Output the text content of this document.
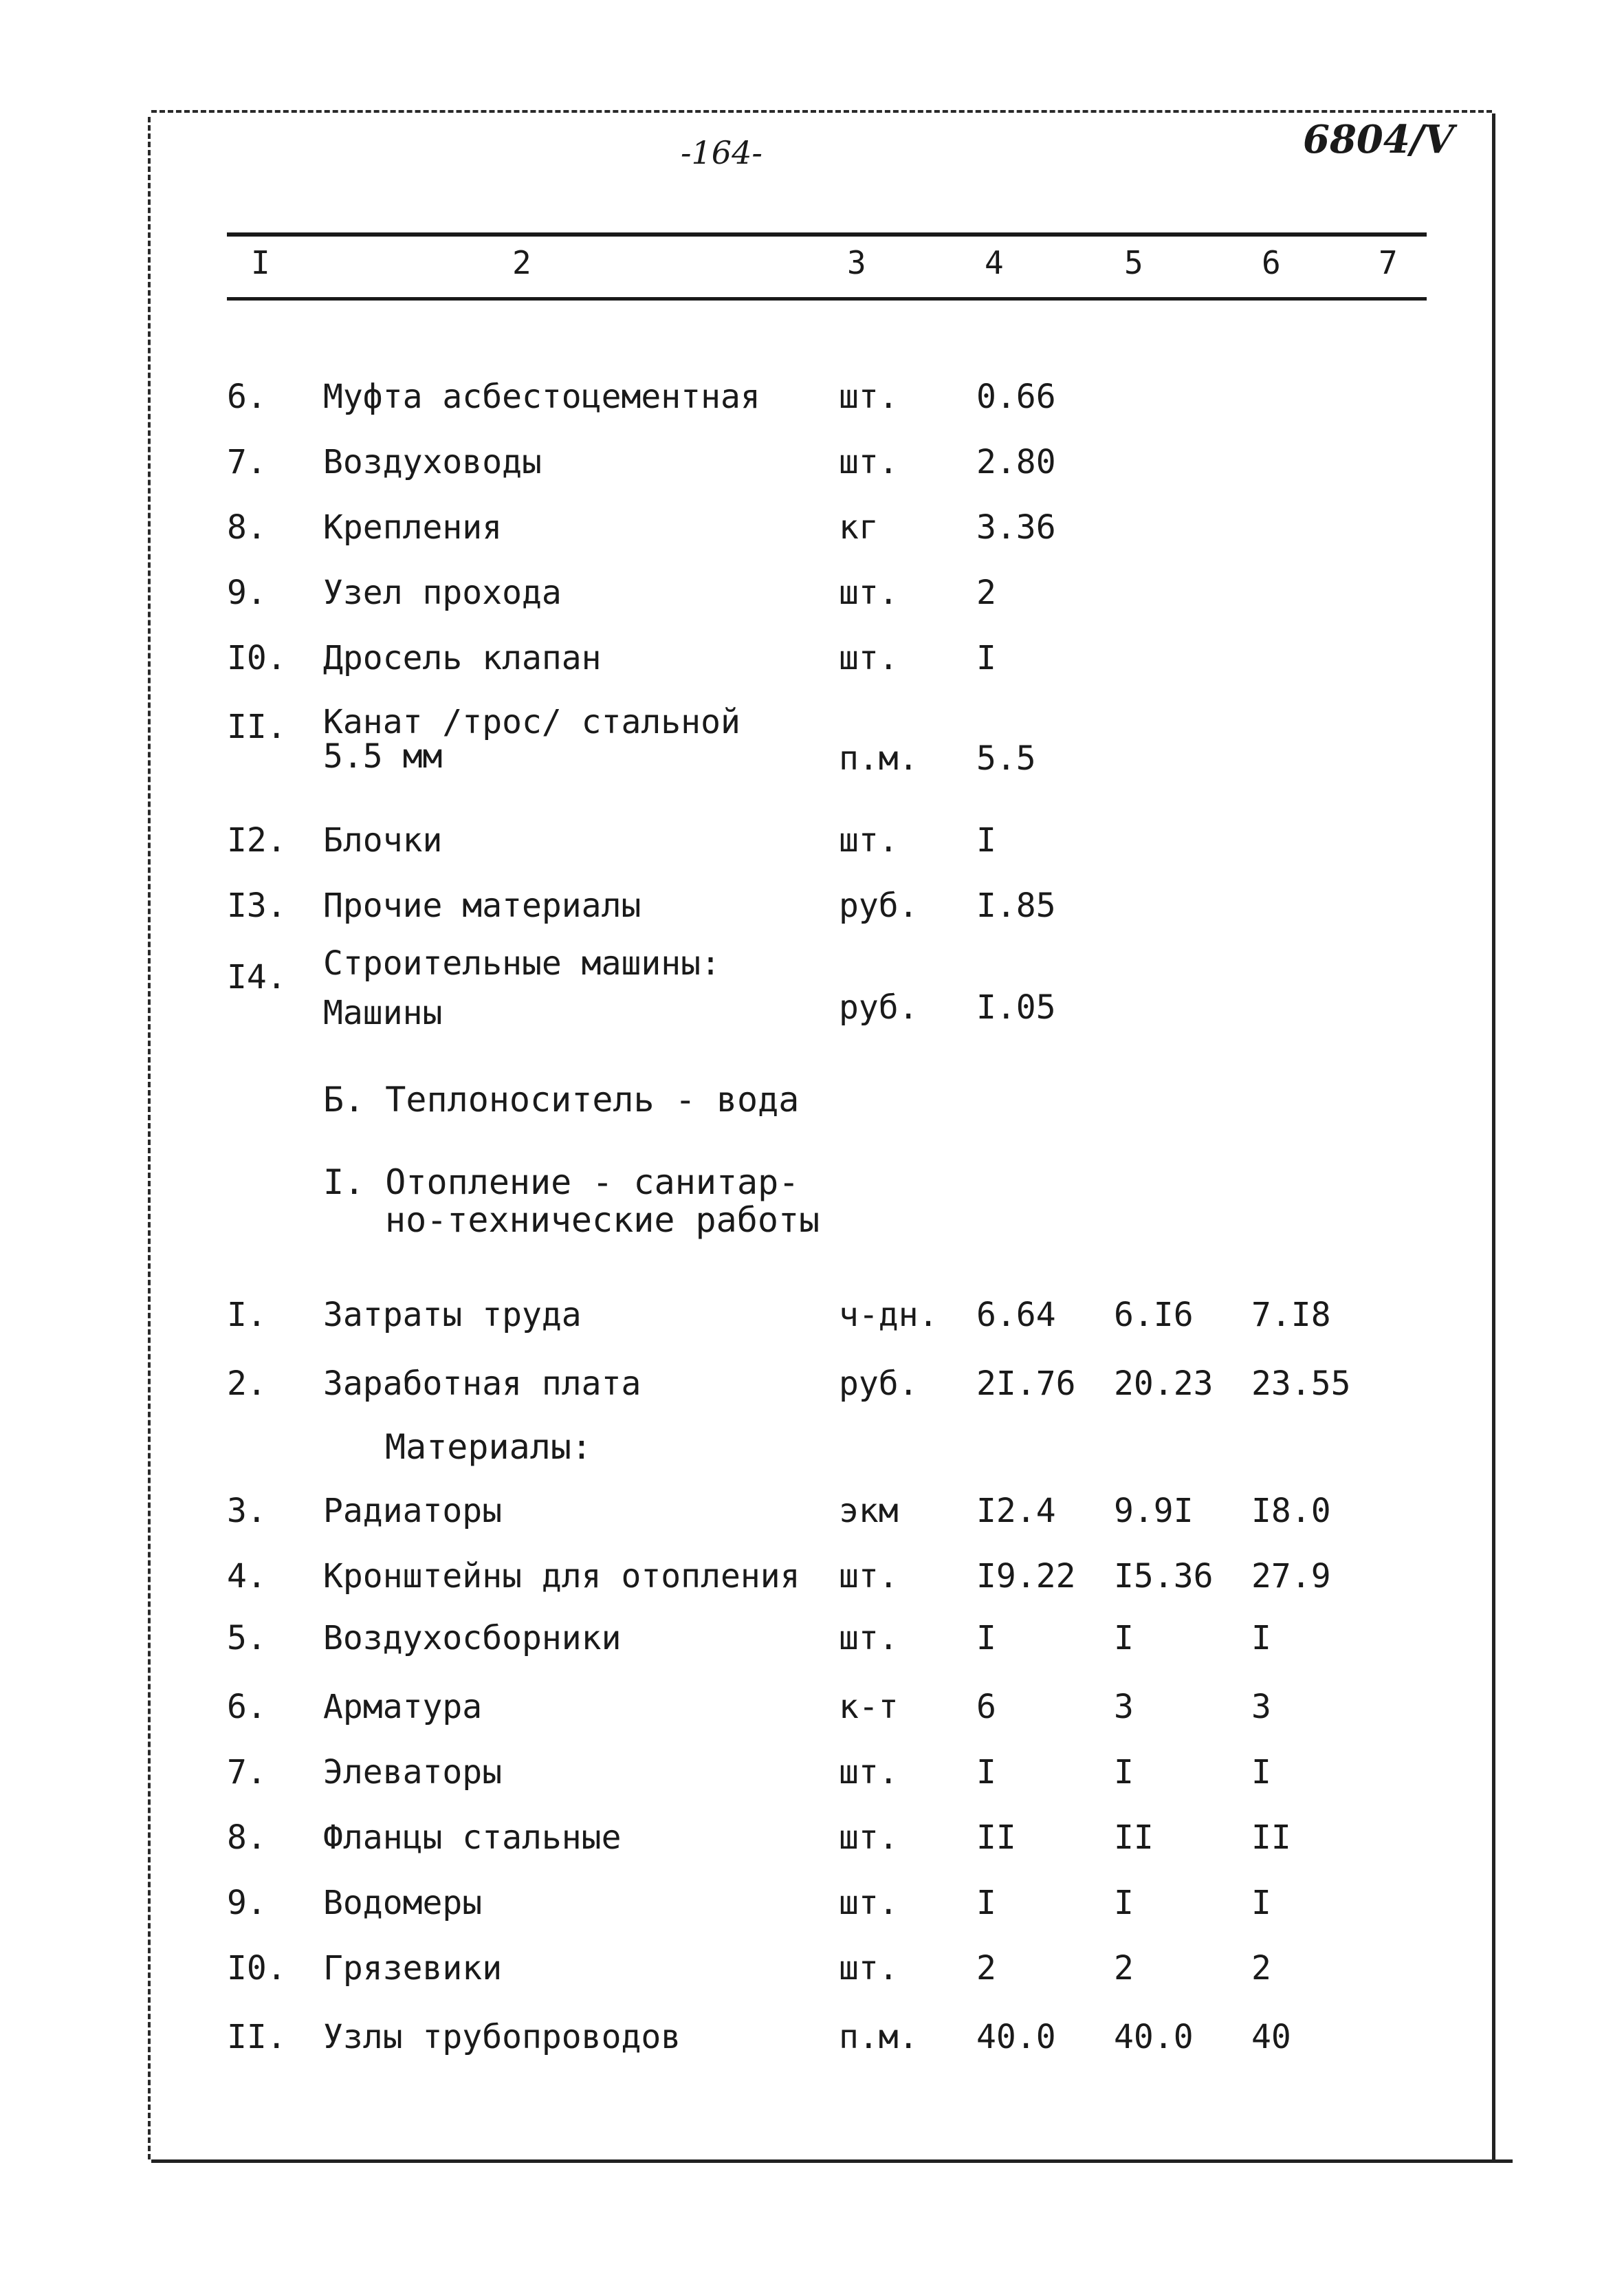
-164-	6804/V
I	2	3	4	5	6	7
6. Муфта асбестоцементная шт. 0.66
7. Воздуховоды	шт. 2.80
8. Крепления	кг	3.36
9. Узел прохода	шт. 2
I0. Дросель клапан	шт. I
II. Канат /трос/ стальной
5.5 мм	п.м. 5.5
I2. Блочки	шт. I
I3. Прочие материалы	руб. I.85
I4. Строительные машины:
Машины	руб. I.05
Б. Теплоноситель - вода
I. Отопление - санитар-
но-технические работы
I. Затраты труда	ч-дн. 6.64 6.I6 7.I8
2. Заработная плата	руб. 2I.76 20.23 23.55
Материалы:
3. Радиаторы	экм I2.4 9.9I I8.0
4. Кронштейны для отопления шт. I9.22 I5.36 27.9
5. Воздухосборники	шт. I	I	I
6. Арматура	к-т 6	3	3
7. Элеваторы	шт. I	I	I
8. Фланцы стальные	шт. II	II	II
9. Водомеры	шт. I	I	I
I0. Грязевики	шт. 2	2	2
II. Узлы трубопроводов	п.м. 40.0 40.0 40
